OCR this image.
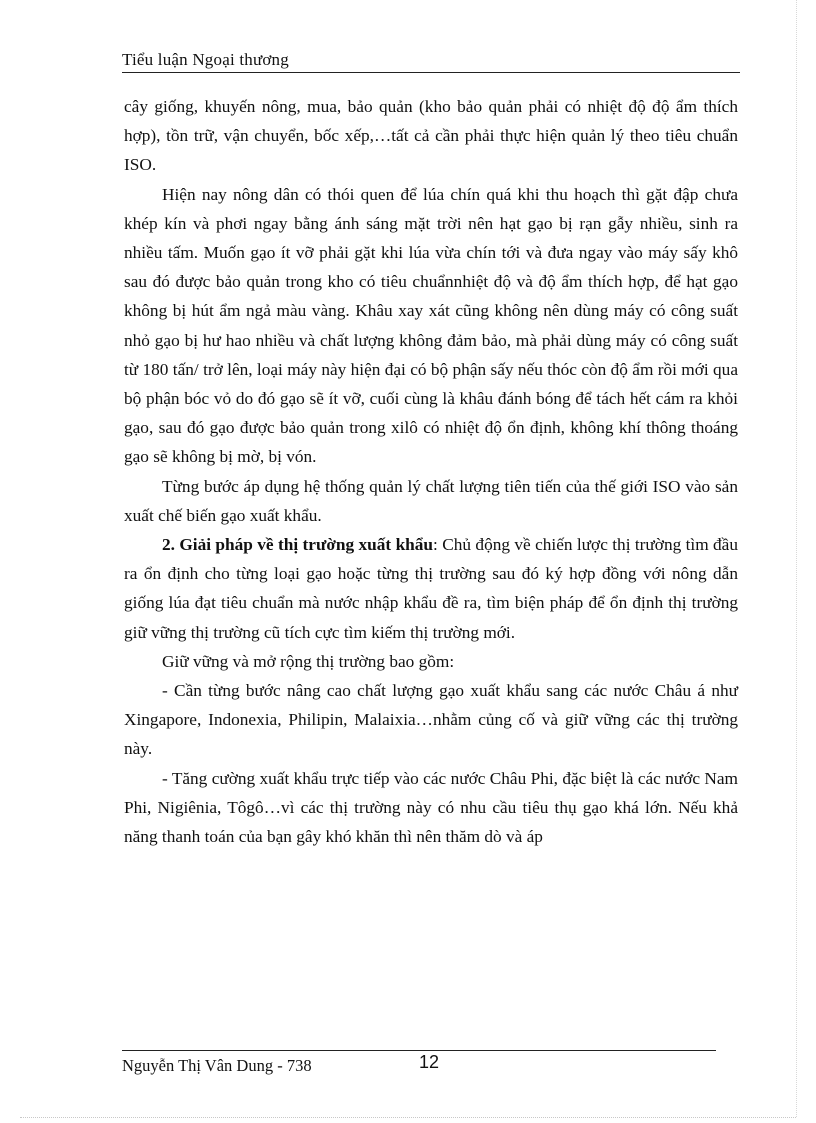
Tiểu luận Ngoại thương

cây giống, khuyến nông, mua, bảo quản (kho bảo quản phải có nhiệt độ độ ẩm thích hợp), tồn trữ, vận chuyển, bốc xếp,…tất cả cần phải thực hiện quản lý theo tiêu chuẩn ISO.

Hiện nay nông dân có thói quen để lúa chín quá khi thu hoạch thì gặt đập chưa khép kín và phơi ngay bằng ánh sáng mặt trời nên hạt gạo bị rạn gẫy nhiều, sinh ra nhiều tấm. Muốn gạo ít vỡ phải gặt khi lúa vừa chín tới và đưa ngay vào máy sấy khô sau đó được bảo quản trong kho có tiêu chuẩnnhiệt độ và độ ẩm thích hợp, để hạt gạo không bị hút ẩm ngả màu vàng. Khâu xay xát cũng không nên dùng máy có công suất nhỏ gạo bị hư hao nhiều và chất lượng không đảm bảo, mà phải dùng máy có công suất từ 180 tấn/ trở lên, loại máy này hiện đại có bộ phận sấy nếu thóc còn độ ẩm rồi mới qua bộ phận bóc vỏ do đó gạo sẽ ít vỡ, cuối cùng là khâu đánh bóng để tách hết cám ra khỏi gạo, sau đó gạo được bảo quản trong xilô có nhiệt độ ổn định, không khí thông thoáng gạo sẽ không bị mờ, bị vón.

Từng bước áp dụng hệ thống quản lý chất lượng tiên tiến của thế giới ISO vào sản xuất chế biến gạo xuất khẩu.

2. Giải pháp về thị trường xuất khẩu: Chủ động về chiến lược thị trường tìm đầu ra ổn định cho từng loại gạo hoặc từng thị trường sau đó ký hợp đồng với nông dẫn giống lúa đạt tiêu chuẩn mà nước nhập khẩu đề ra, tìm biện pháp để ổn định thị trường giữ vững thị trường cũ tích cực tìm kiếm thị trường mới.

Giữ vững và mở rộng thị trường bao gồm:

- Cần từng bước nâng cao chất lượng gạo xuất khẩu sang các nước Châu á như Xingapore, Indonexia, Philipin, Malaixia…nhằm củng cố và giữ vững các thị trường này.

- Tăng cường xuất khẩu trực tiếp vào các nước Châu Phi, đặc biệt là các nước Nam Phi, Nigiênia, Tôgô…vì các thị trường này có nhu cầu tiêu thụ gạo khá lớn. Nếu khả năng thanh toán của bạn gây khó khăn thì nên thăm dò và áp

Nguyễn Thị Vân Dung - 738	12
